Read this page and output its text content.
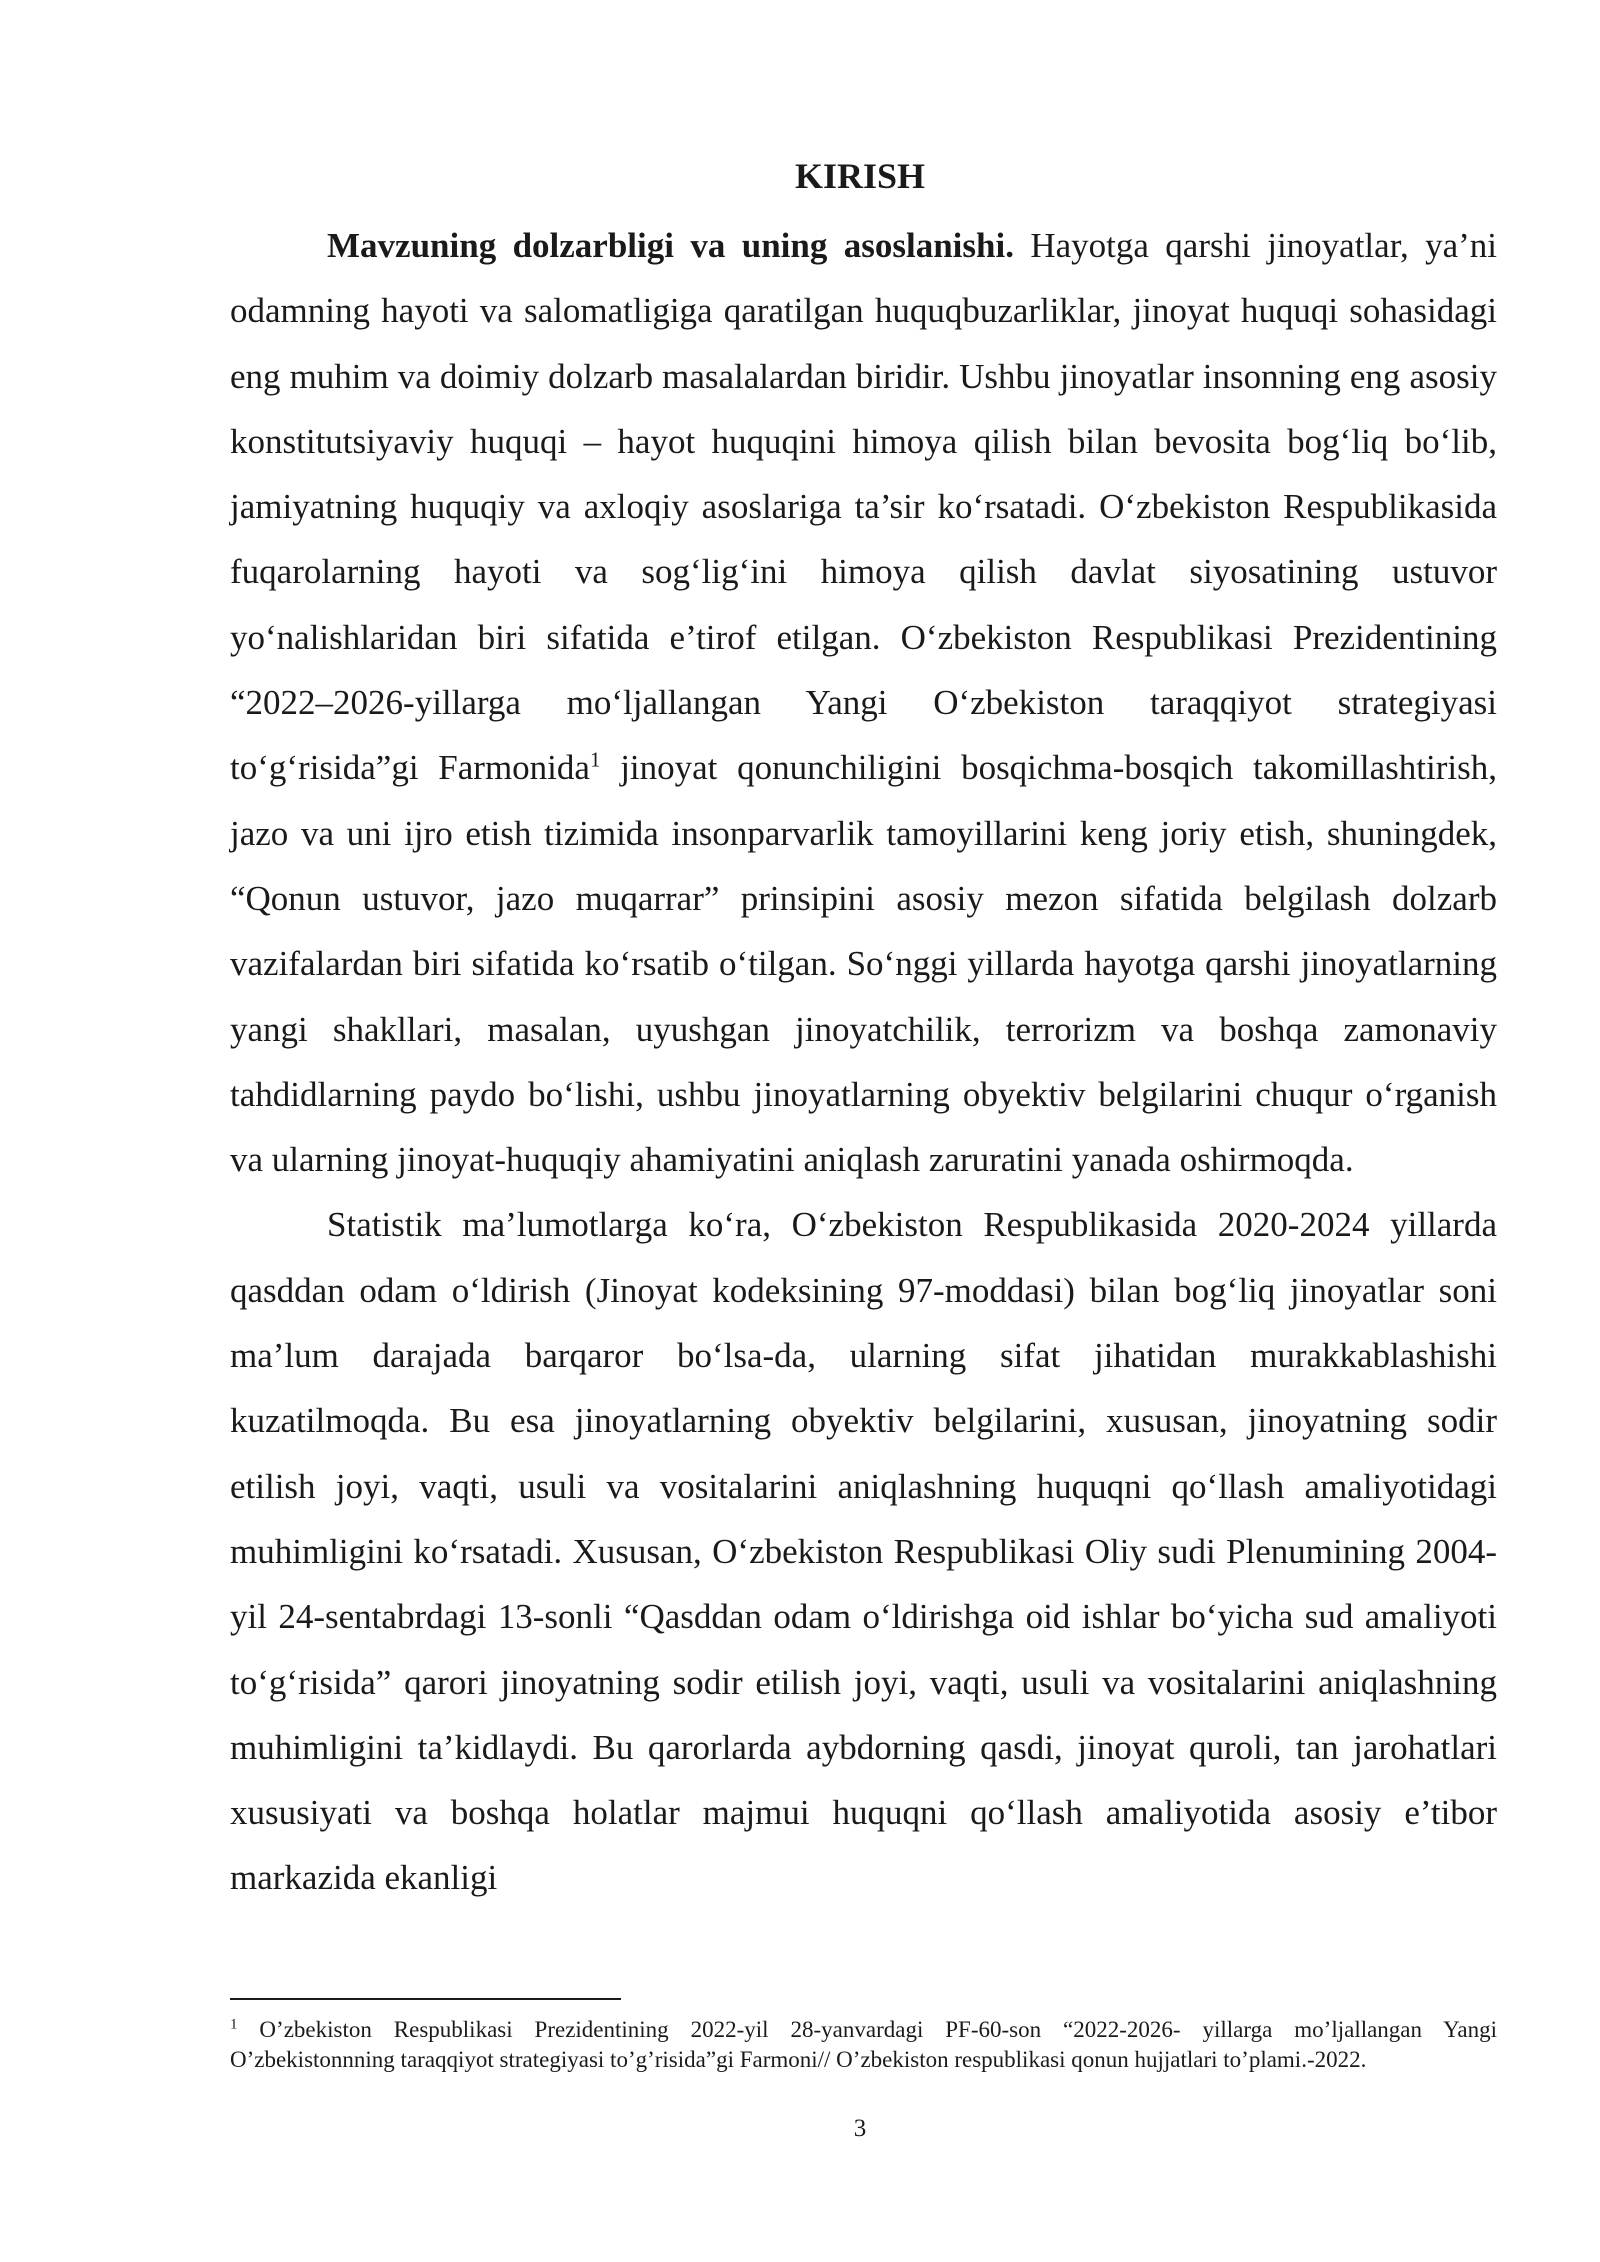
KIRISH

Mavzuning dolzarbligi va uning asoslanishi. Hayotga qarshi jinoyatlar, ya’ni odamning hayoti va salomatligiga qaratilgan huquqbuzarliklar, jinoyat huquqi sohasidagi eng muhim va doimiy dolzarb masalalardan biridir. Ushbu jinoyatlar insonning eng asosiy konstitutsiyaviy huquqi – hayot huquqini himoya qilish bilan bevosita bog‘liq bo‘lib, jamiyatning huquqiy va axloqiy asoslariga ta’sir ko‘rsatadi. O‘zbekiston Respublikasida fuqarolarning hayoti va sog‘lig‘ini himoya qilish davlat siyosatining ustuvor yo‘nalishlaridan biri sifatida e’tirof etilgan. O‘zbekiston Respublikasi Prezidentining “2022–2026-yillarga mo‘ljallangan Yangi O‘zbekiston taraqqiyot strategiyasi to‘g‘risida”gi Farmonida$^1$ jinoyat qonunchiligini bosqichma-bosqich takomillashtirish, jazo va uni ijro etish tizimida insonparvarlik tamoyillarini keng joriy etish, shuningdek, “Qonun ustuvor, jazo muqarrar” prinsipini asosiy mezon sifatida belgilash dolzarb vazifalardan biri sifatida ko‘rsatib o‘tilgan. So‘nggi yillarda hayotga qarshi jinoyatlarning yangi shakllari, masalan, uyushgan jinoyatchilik, terrorizm va boshqa zamonaviy tahdidlarning paydo bo‘lishi, ushbu jinoyatlarning obyektiv belgilarini chuqur o‘rganish va ularning jinoyat-huquqiy ahamiyatini aniqlash zaruratini yanada oshirmoqda.

Statistik ma’lumotlarga ko‘ra, O‘zbekiston Respublikasida 2020-2024 yillarda qasddan odam o‘ldirish (Jinoyat kodeksining 97-moddasi) bilan bog‘liq jinoyatlar soni ma’lum darajada barqaror bo‘lsa-da, ularning sifat jihatidan murakkablashishi kuzatilmoqda. Bu esa jinoyatlarning obyektiv belgilarini, xususan, jinoyatning sodir etilish joyi, vaqti, usuli va vositalarini aniqlashning huquqni qo‘llash amaliyotidagi muhimligini ko‘rsatadi. Xususan, O‘zbekiston Respublikasi Oliy sudi Plenumining 2004-yil 24-sentabrdagi 13-sonli “Qasddan odam o‘ldirishga oid ishlar bo‘yicha sud amaliyoti to‘g‘risida” qarori jinoyatning sodir etilish joyi, vaqti, usuli va vositalarini aniqlashning muhimligini ta’kidlaydi. Bu qarorlarda aybdorning qasdi, jinoyat quroli, tan jarohatlari xususiyati va boshqa holatlar majmui huquqni qo‘llash amaliyotida asosiy e’tibor markazida ekanligi

$^1$ O’zbekiston Respublikasi Prezidentining 2022-yil 28-yanvardagi PF-60-son “2022-2026- yillarga mo’ljallangan Yangi O’zbekistonnning taraqqiyot strategiyasi to’g’risida”gi Farmoni// O’zbekiston respublikasi qonun hujjatlari to’plami.-2022.

3
